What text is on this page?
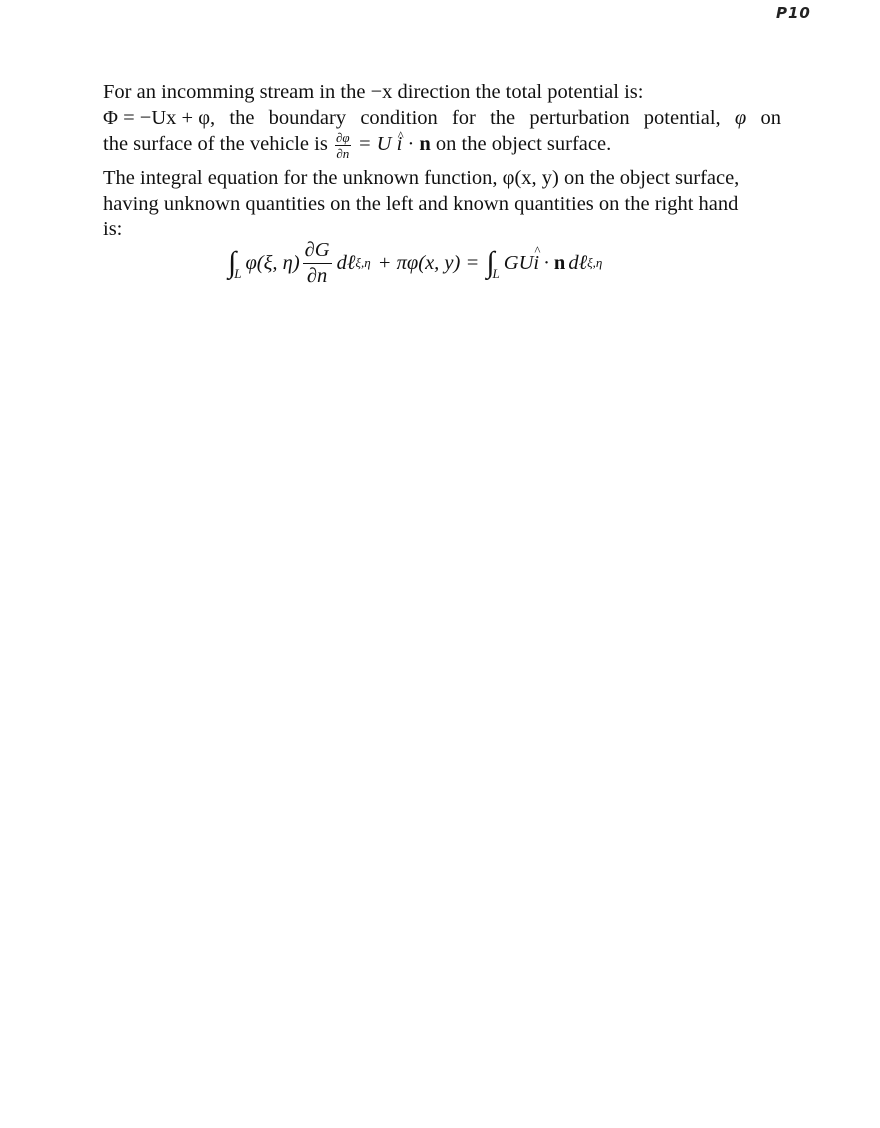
P10
For an incomming stream in the −x direction the total potential is:
Φ = −Ux + φ, the boundary condition for the perturbation potential, φ on
the surface of the vehicle is $\frac{\partial\varphi}{\partial n} = U$ ^ i · n on the object surface.
The integral equation for the unknown function, φ(x, y) on the object surface,
having unknown quantities on the left and known quantities on the right hand
is:
∫
L φ(ξ, $\eta) \frac{\partial G}{\partial n}$ dℓ ξ,η + πφ(x, y) = ∫
L GU ^ i · n dℓ ξ,η
